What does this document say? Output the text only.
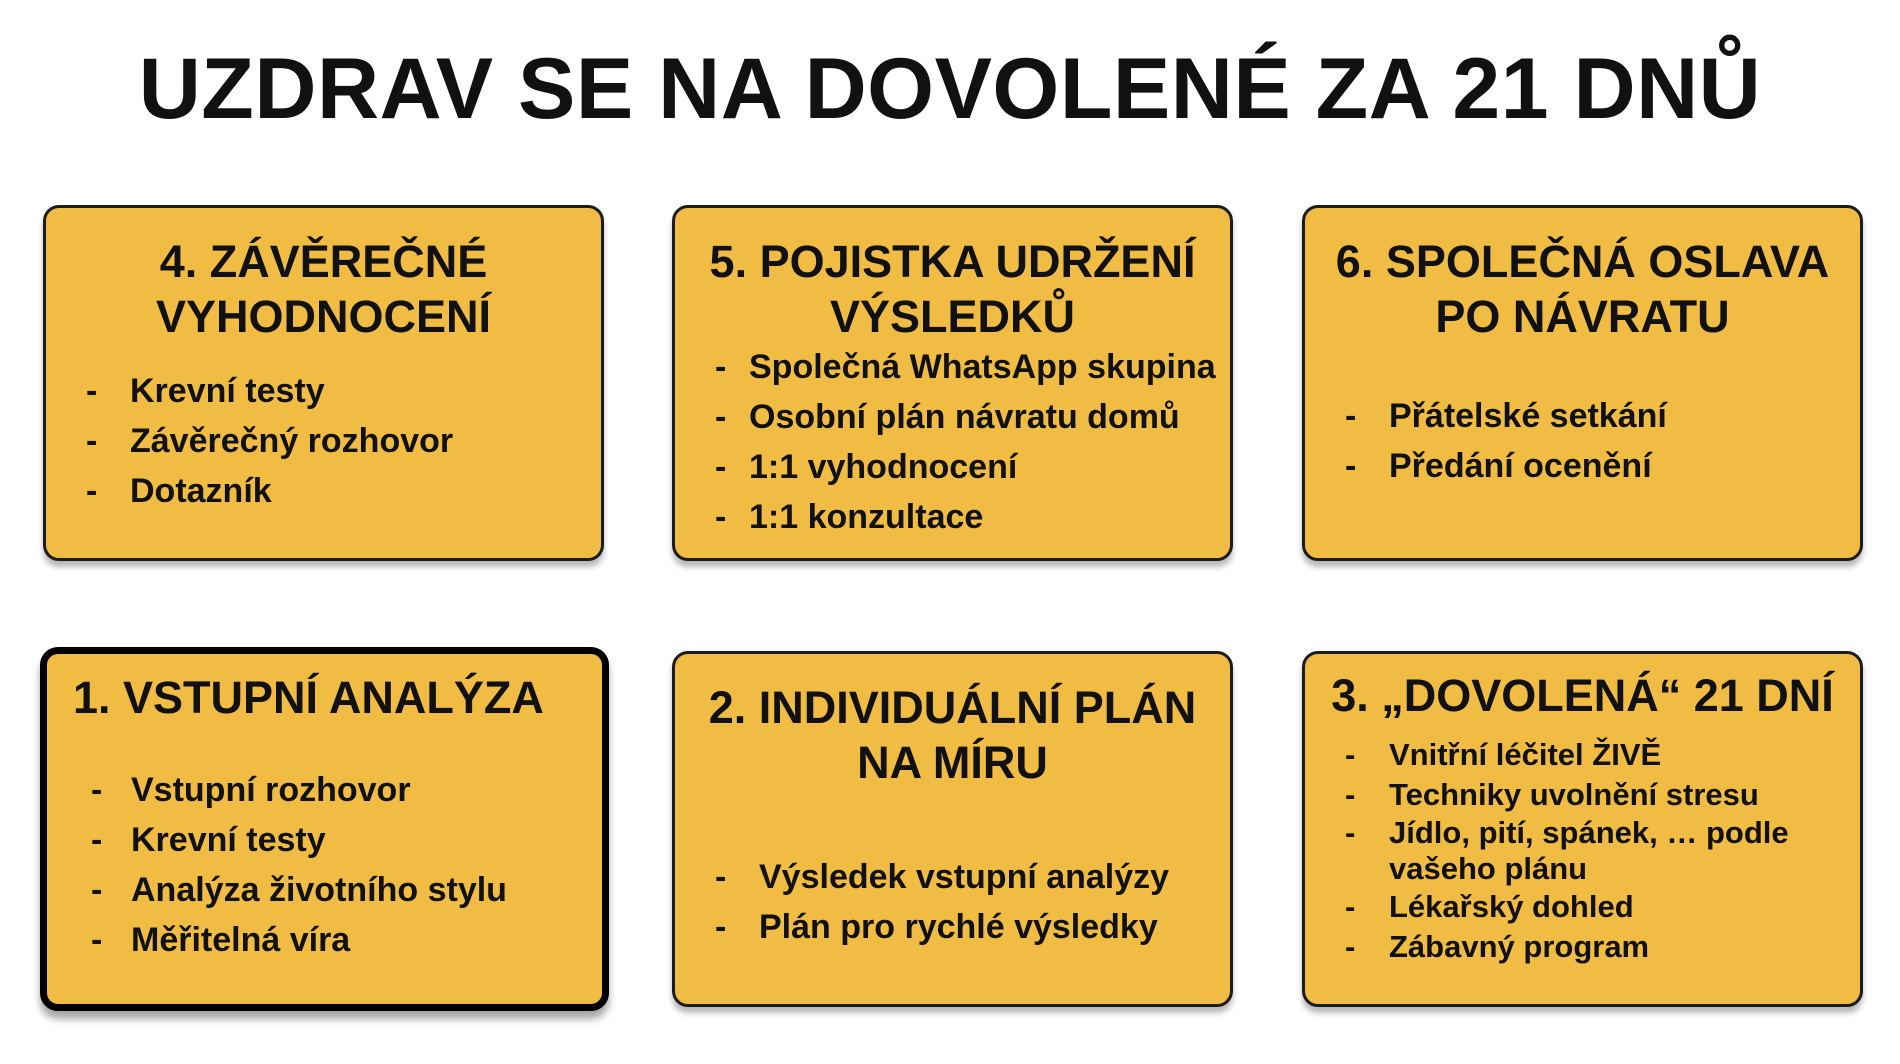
UZDRAV SE NA DOVOLENÉ ZA 21 DNŮ
4. ZÁVĚREČNÉ
VYHODNOCENÍ
- Krevní testy
- Závěrečný rozhovor
- Dotazník
5. POJISTKA UDRŽENÍ
VÝSLEDKŮ
- Společná WhatsApp skupina
- Osobní plán návratu domů
- 1:1 vyhodnocení
- 1:1 konzultace
6. SPOLEČNÁ OSLAVA
PO NÁVRATU
- Přátelské setkání
- Předání ocenění
1. VSTUPNÍ ANALÝZA
- Vstupní rozhovor
- Krevní testy
- Analýza životního stylu
- Měřitelná víra
2. INDIVIDUÁLNÍ PLÁN
NA MÍRU
- Výsledek vstupní analýzy
- Plán pro rychlé výsledky
3. „DOVOLENÁ“ 21 DNÍ
- Vnitřní léčitel ŽIVĚ
- Techniky uvolnění stresu
- Jídlo, pití, spánek, … podle vašeho plánu
- Lékařský dohled
- Zábavný program
